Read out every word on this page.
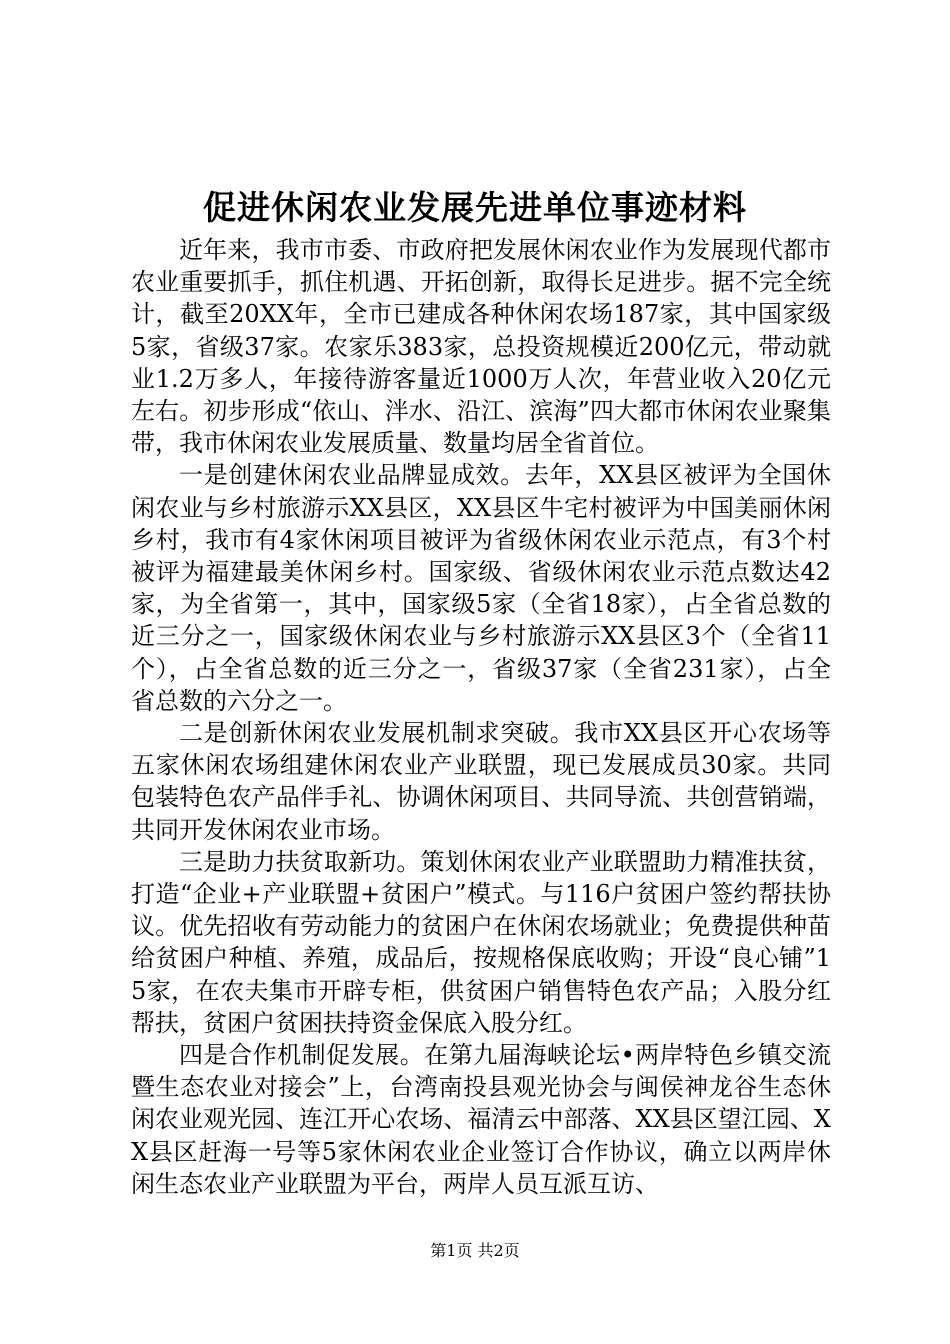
促进休闲农业发展先进单位事迹材料

近年来，我市市委、市政府把发展休闲农业作为发展现代都市农业重要抓手，抓住机遇、开拓创新，取得长足进步。据不完全统计，截至20XX年，全市已建成各种休闲农场187家，其中国家级5家，省级37家。农家乐383家，总投资规模近200亿元，带动就业1.2万多人，年接待游客量近1000万人次，年营业收入20亿元左右。初步形成“依山、泮水、沿江、滨海”四大都市休闲农业聚集带，我市休闲农业发展质量、数量均居全省首位。

一是创建休闲农业品牌显成效。去年，XX县区被评为全国休闲农业与乡村旅游示XX县区，XX县区牛宅村被评为中国美丽休闲乡村，我市有4家休闲项目被评为省级休闲农业示范点，有3个村被评为福建最美休闲乡村。国家级、省级休闲农业示范点数达42家，为全省第一，其中，国家级5家（全省18家），占全省总数的近三分之一，国家级休闲农业与乡村旅游示XX县区3个（全省11个），占全省总数的近三分之一，省级37家（全省231家），占全省总数的六分之一。

二是创新休闲农业发展机制求突破。我市XX县区开心农场等五家休闲农场组建休闲农业产业联盟，现已发展成员30家。共同包装特色农产品伴手礼、协调休闲项目、共同导流、共创营销端，共同开发休闲农业市场。

三是助力扶贫取新功。策划休闲农业产业联盟助力精准扶贫，打造“企业+产业联盟+贫困户”模式。与116户贫困户签约帮扶协议。优先招收有劳动能力的贫困户在休闲农场就业；免费提供种苗给贫困户种植、养殖，成品后，按规格保底收购；开设“良心铺”15家，在农夫集市开辟专柜，供贫困户销售特色农产品；入股分红帮扶，贫困户贫困扶持资金保底入股分红。

四是合作机制促发展。在第九届海峡论坛•两岸特色乡镇交流暨生态农业对接会”上，台湾南投县观光协会与闽侯神龙谷生态休闲农业观光园、连江开心农场、福清云中部落、XX县区望江园、XX县区赶海一号等5家休闲农业企业签订合作协议，确立以两岸休闲生态农业产业联盟为平台，两岸人员互派互访、

第1页 共2页
